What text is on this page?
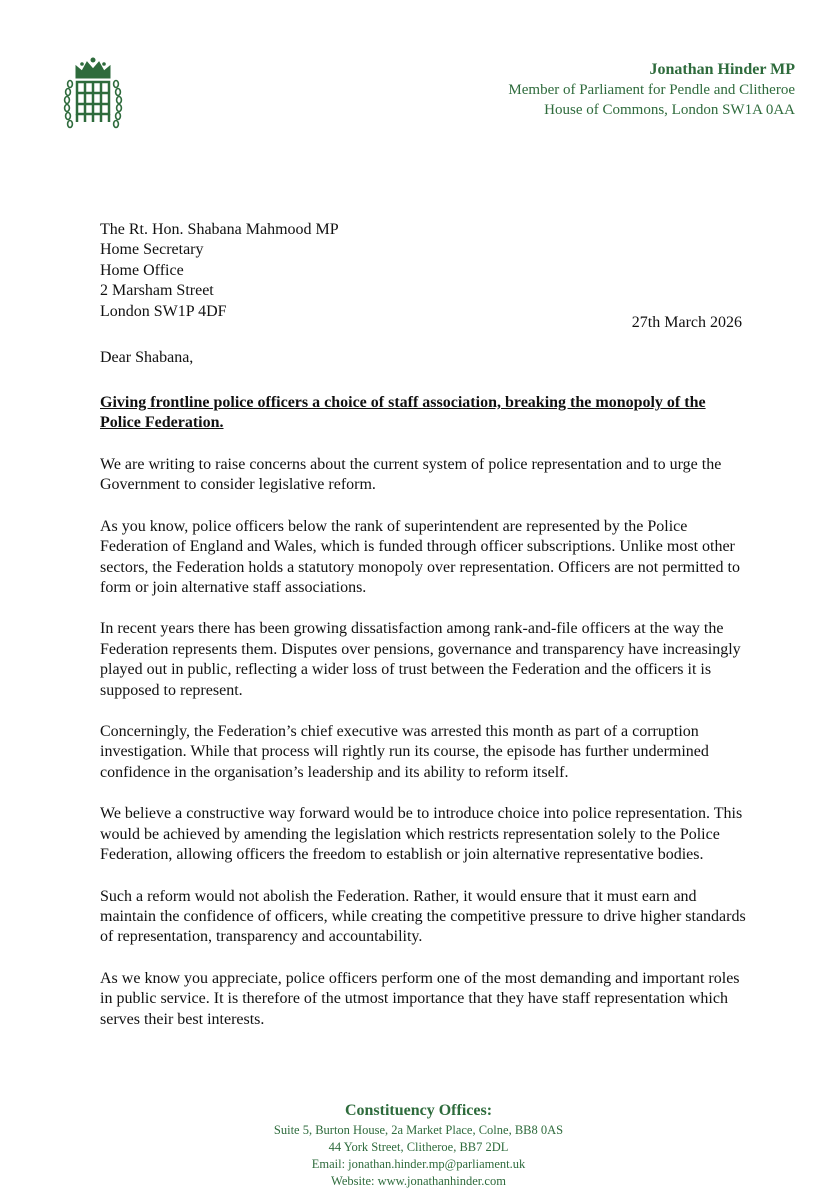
Jonathan Hinder MP
Member of Parliament for Pendle and Clitheroe
House of Commons, London SW1A 0AA
The Rt. Hon. Shabana Mahmood MP
Home Secretary
Home Office
2 Marsham Street
London SW1P 4DF
27th March 2026
Dear Shabana,
Giving frontline police officers a choice of staff association, breaking the monopoly of the Police Federation.

We are writing to raise concerns about the current system of police representation and to urge the Government to consider legislative reform.

As you know, police officers below the rank of superintendent are represented by the Police Federation of England and Wales, which is funded through officer subscriptions. Unlike most other sectors, the Federation holds a statutory monopoly over representation. Officers are not permitted to form or join alternative staff associations.

In recent years there has been growing dissatisfaction among rank-and-file officers at the way the Federation represents them. Disputes over pensions, governance and transparency have increasingly played out in public, reflecting a wider loss of trust between the Federation and the officers it is supposed to represent.

Concerningly, the Federation’s chief executive was arrested this month as part of a corruption investigation. While that process will rightly run its course, the episode has further undermined confidence in the organisation’s leadership and its ability to reform itself.

We believe a constructive way forward would be to introduce choice into police representation. This would be achieved by amending the legislation which restricts representation solely to the Police Federation, allowing officers the freedom to establish or join alternative representative bodies.

Such a reform would not abolish the Federation. Rather, it would ensure that it must earn and maintain the confidence of officers, while creating the competitive pressure to drive higher standards of representation, transparency and accountability.

As we know you appreciate, police officers perform one of the most demanding and important roles in public service. It is therefore of the utmost importance that they have staff representation which serves their best interests.

Constituency Offices:
Suite 5, Burton House, 2a Market Place, Colne, BB8 0AS
44 York Street, Clitheroe, BB7 2DL
Email: jonathan.hinder.mp@parliament.uk
Website: www.jonathanhinder.com
